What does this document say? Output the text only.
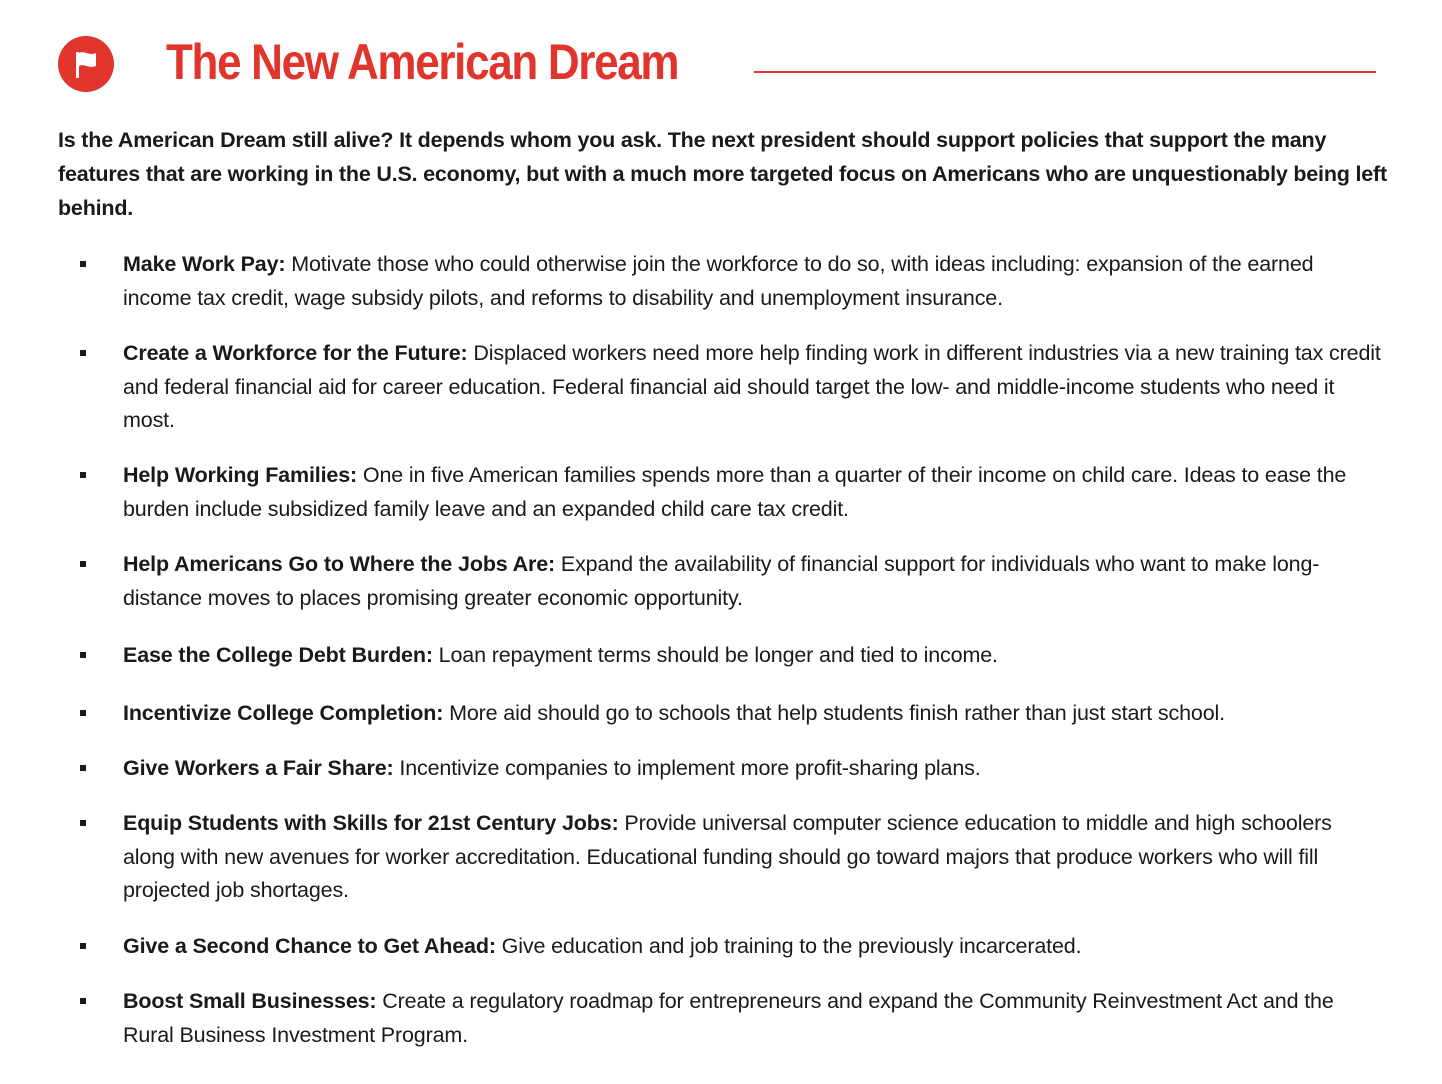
The New American Dream
Is the American Dream still alive? It depends whom you ask. The next president should support policies that support the many features that are working in the U.S. economy, but with a much more targeted focus on Americans who are unquestionably being left behind.
Make Work Pay: Motivate those who could otherwise join the workforce to do so, with ideas including: expansion of the earned income tax credit, wage subsidy pilots, and reforms to disability and unemployment insurance.
Create a Workforce for the Future: Displaced workers need more help finding work in different industries via a new training tax credit and federal financial aid for career education. Federal financial aid should target the low- and middle-income students who need it most.
Help Working Families: One in five American families spends more than a quarter of their income on child care. Ideas to ease the burden include subsidized family leave and an expanded child care tax credit.
Help Americans Go to Where the Jobs Are: Expand the availability of financial support for individuals who want to make long-distance moves to places promising greater economic opportunity.
Ease the College Debt Burden: Loan repayment terms should be longer and tied to income.
Incentivize College Completion: More aid should go to schools that help students finish rather than just start school.
Give Workers a Fair Share: Incentivize companies to implement more profit-sharing plans.
Equip Students with Skills for 21st Century Jobs: Provide universal computer science education to middle and high schoolers along with new avenues for worker accreditation. Educational funding should go toward majors that produce workers who will fill projected job shortages.
Give a Second Chance to Get Ahead: Give education and job training to the previously incarcerated.
Boost Small Businesses: Create a regulatory roadmap for entrepreneurs and expand the Community Reinvestment Act and the Rural Business Investment Program.
